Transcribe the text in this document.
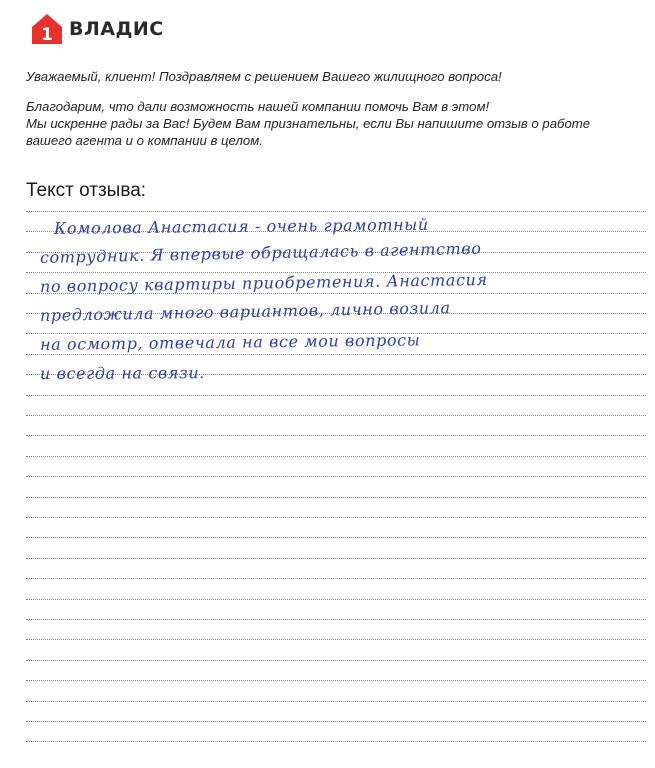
1 ВЛАДИС
Уважаемый, клиент! Поздравляем с решением Вашего жилищного вопроса!
Благодарим, что дали возможность нашей компании помочь Вам в этом!
Мы искренне рады за Вас! Будем Вам признательны, если Вы напишите отзыв о работе
вашего агента и о компании в целом.
Текст отзыва:
Комолова Анастасия - очень грамотный
сотрудник. Я впервые обращалась в агентство
по вопросу квартиры приобретения. Анастасия
предложила много вариантов, лично возила
на осмотр, отвечала на все мои вопросы
и всегда на связи.
